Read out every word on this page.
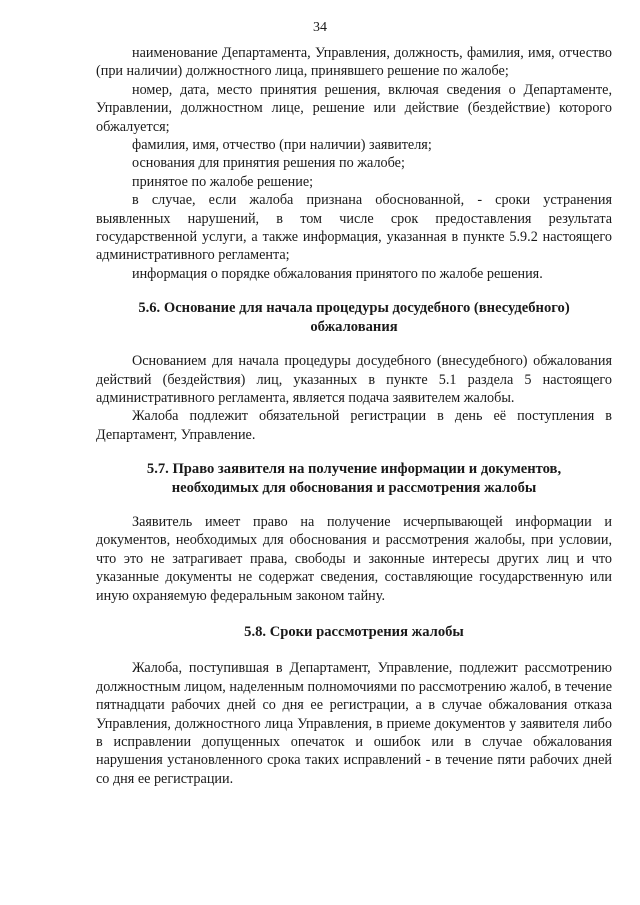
34

наименование Департамента, Управления, должность, фамилия, имя, отчество (при наличии) должностного лица, принявшего решение по жалобе;

номер, дата, место принятия решения, включая сведения о Департаменте, Управлении, должностном лице, решение или действие (бездействие) которого обжалуется;

фамилия, имя, отчество (при наличии) заявителя;

основания для принятия решения по жалобе;

принятое по жалобе решение;

в случае, если жалоба признана обоснованной, - сроки устранения выявленных нарушений, в том числе срок предоставления результата государственной услуги, а также информация, указанная в пункте 5.9.2 настоящего административного регламента;

информация о порядке обжалования принятого по жалобе решения.

5.6. Основание для начала процедуры досудебного (внесудебного) обжалования

Основанием для начала процедуры досудебного (внесудебного) обжалования действий (бездействия) лиц, указанных в пункте 5.1 раздела 5 настоящего административного регламента, является подача заявителем жалобы.

Жалоба подлежит обязательной регистрации в день её поступления в Департамент, Управление.

5.7. Право заявителя на получение информации и документов, необходимых для обоснования и рассмотрения жалобы

Заявитель имеет право на получение исчерпывающей информации и документов, необходимых для обоснования и рассмотрения жалобы, при условии, что это не затрагивает права, свободы и законные интересы других лиц и что указанные документы не содержат сведения, составляющие государственную или иную охраняемую федеральным законом тайну.

5.8. Сроки рассмотрения жалобы

Жалоба, поступившая в Департамент, Управление, подлежит рассмотрению должностным лицом, наделенным полномочиями по рассмотрению жалоб, в течение пятнадцати рабочих дней со дня ее регистрации, а в случае обжалования отказа Управления, должностного лица Управления, в приеме документов у заявителя либо в исправлении допущенных опечаток и ошибок или в случае обжалования нарушения установленного срока таких исправлений - в течение пяти рабочих дней со дня ее регистрации.
